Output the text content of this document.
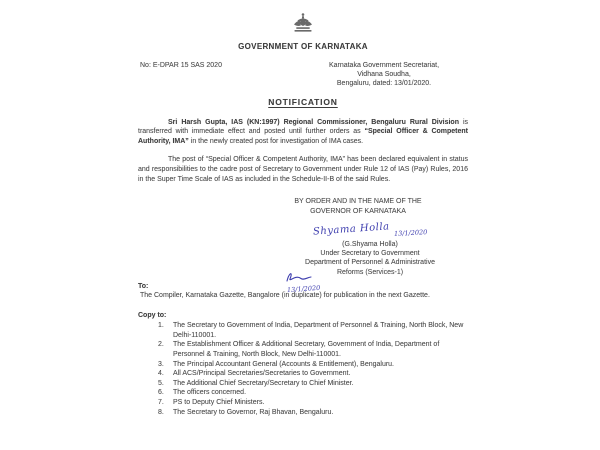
GOVERNMENT OF KARNATAKA
No: E-DPAR 15 SAS 2020	Karnataka Government Secretariat,
Vidhana Soudha,
Bengaluru, dated: 13/01/2020.
NOTIFICATION

Sri Harsh Gupta, IAS (KN:1997) Regional Commissioner, Bengaluru Rural Division is transferred with immediate effect and posted until further orders as “Special Officer & Competent Authority, IMA” in the newly created post for investigation of IMA cases.

The post of “Special Officer & Competent Authority, IMA” has been declared equivalent in status and responsibilities to the cadre post of Secretary to Government under Rule 12 of IAS (Pay) Rules, 2016 in the Super Time Scale of IAS as included in the Schedule-II-B of the said Rules.

BY ORDER AND IN THE NAME OF THE
GOVERNOR OF KARNATAKA
Shyama Holla 13/1/2020
(G.Shyama Holla)
Under Secretary to Government
Department of Personnel & Administrative
Reforms (Services-1)

13/1/2020
To:
The Compiler, Karnataka Gazette, Bangalore (in duplicate) for publication in the next Gazette.
Copy to:
The Secretary to Government of India, Department of Personnel & Training, North Block, New Delhi-110001.
The Establishment Officer & Additional Secretary, Government of India, Department of Personnel & Training, North Block, New Delhi-110001.
The Principal Accountant General (Accounts & Entitlement), Bengaluru.
All ACS/Principal Secretaries/Secretaries to Government.
The Additional Chief Secretary/Secretary to Chief Minister.
The officers concerned.
PS to Deputy Chief Ministers.
The Secretary to Governor, Raj Bhavan, Bengaluru.
